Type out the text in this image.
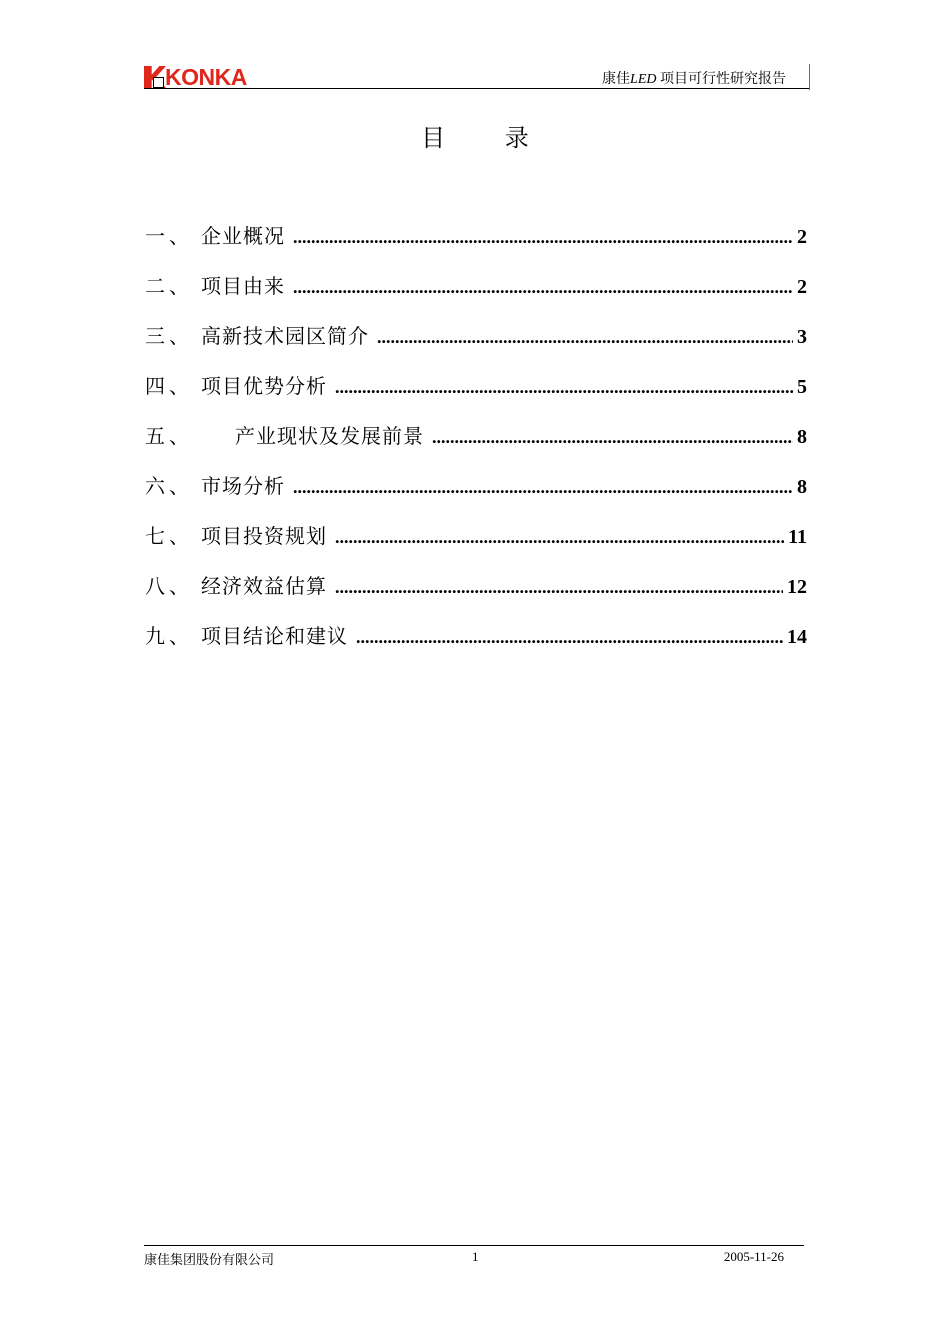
KONKA	康佳LED 项目可行性研究报告
目 录
一、 企业概况 .....	2
二、 项目由来 .....	2
三、 高新技术园区简介 .....	3
四、 项目优势分析 .....	5
五、	产业现状及发展前景 .....	8
六、 市场分析 .....	8
七、 项目投资规划 .....	11
八、 经济效益估算 .....	12
九、 项目结论和建议 .....	14
康佳集团股份有限公司	1	2005-11-26
